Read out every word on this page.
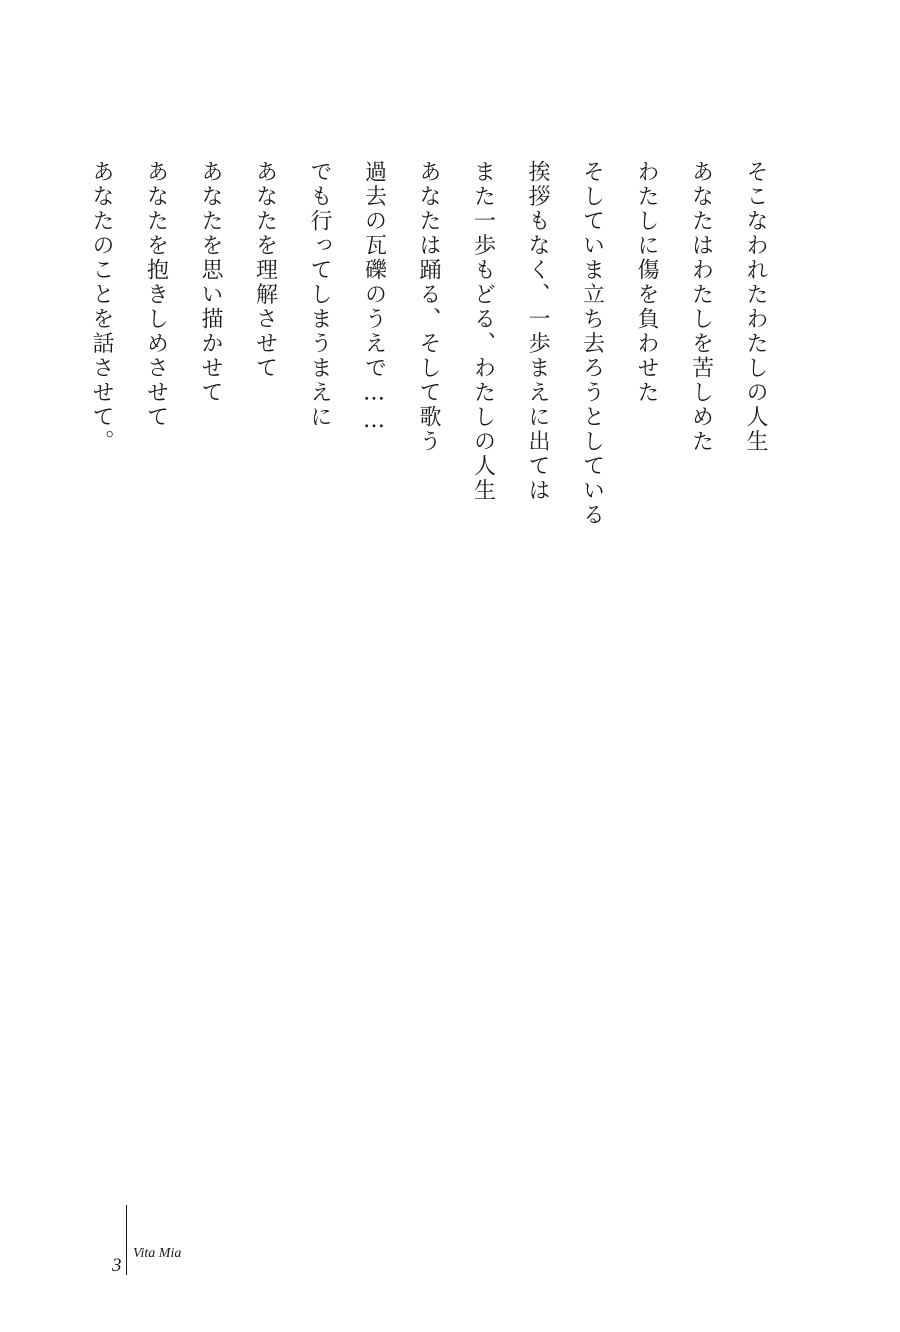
そこなわれたわたしの人生
あなたはわたしを苦しめた
わたしに傷を負わせた
そしていま立ち去ろうとしている
挨拶もなく、一歩まえに出ては
また一歩もどる、わたしの人生
あなたは踊る、そして歌う
過去の瓦礫のうえで……
でも行ってしまうまえに
あなたを理解させて
あなたを思い描かせて
あなたを抱きしめさせて
あなたのことを話させて。
3
Vita Mia
